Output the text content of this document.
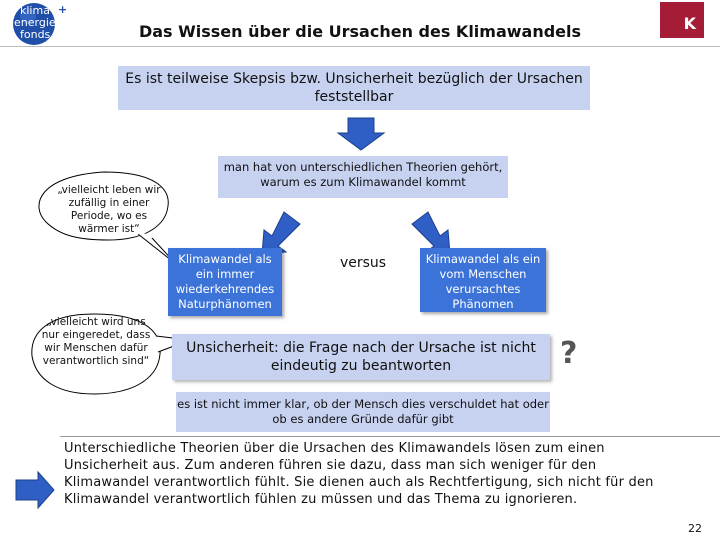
klima +
energie
fonds	Das Wissen über die Ursachen des Klimawandels	K
Es ist teilweise Skepsis bzw. Unsicherheit bezüglich der Ursachen feststellbar
man hat von unterschiedlichen Theorien gehört, warum es zum Klimawandel kommt
„vielleicht leben wir zufällig in einer Periode, wo es wärmer ist“
„vielleicht wird uns nur eingeredet, dass wir Menschen dafür verantwortlich sind“
Klimawandel als ein immer wiederkehrendes Naturphänomen
versus	Klimawandel als ein vom Menschen verursachtes Phänomen
Unsicherheit: die Frage nach der Ursache ist nicht eindeutig zu beantworten	?
es ist nicht immer klar, ob der Mensch dies verschuldet hat oder ob es andere Gründe dafür gibt
Unterschiedliche Theorien über die Ursachen des Klimawandels lösen zum einen Unsicherheit aus. Zum anderen führen sie dazu, dass man sich weniger für den Klimawandel verantwortlich fühlt. Sie dienen auch als Rechtfertigung, sich nicht für den Klimawandel verantwortlich fühlen zu müssen und das Thema zu ignorieren.
22
